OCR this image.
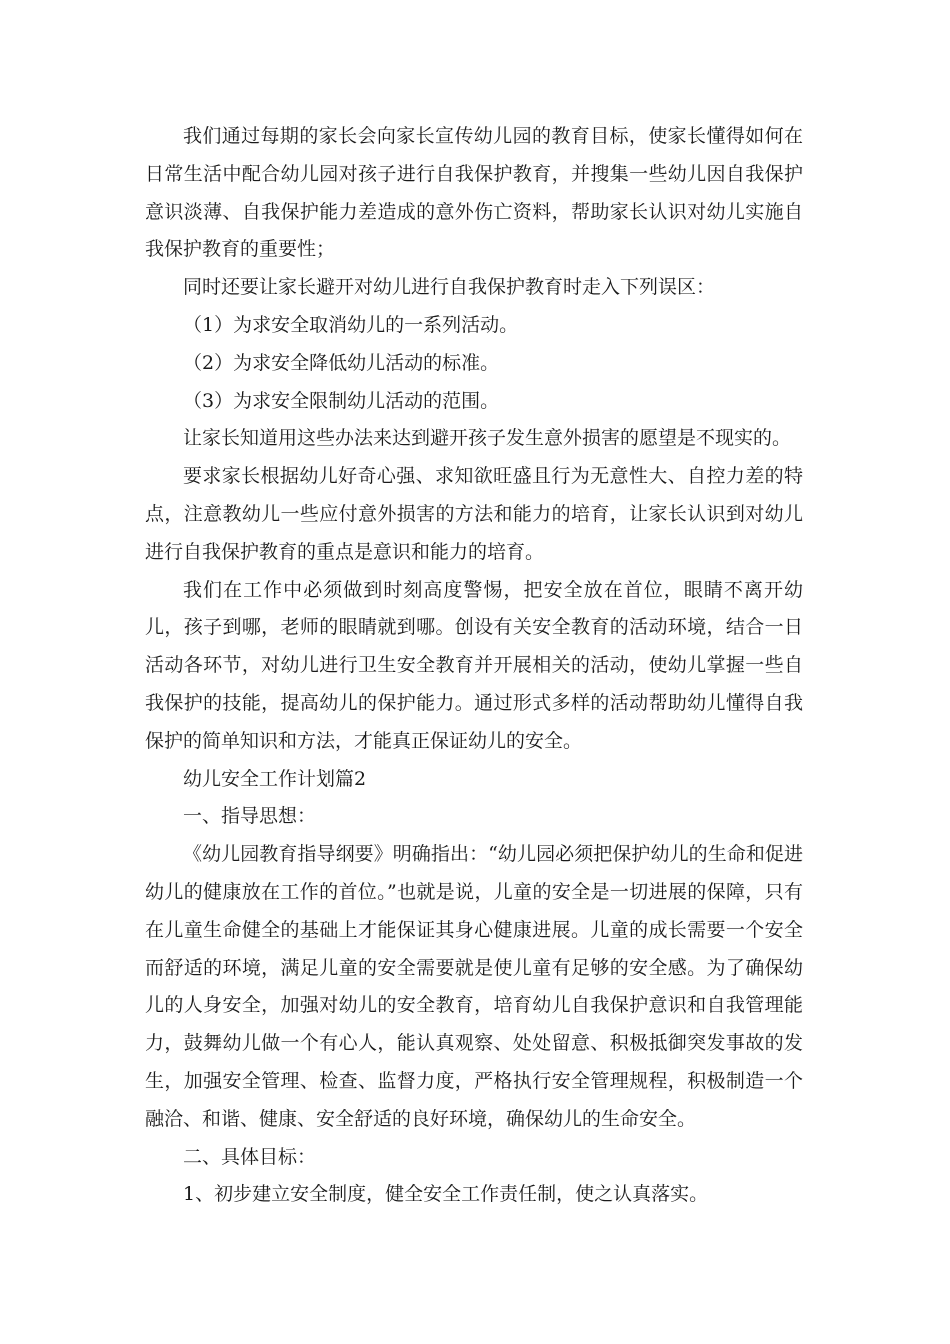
我们通过每期的家长会向家长宣传幼儿园的教育目标，使家长懂得如何在日常生活中配合幼儿园对孩子进行自我保护教育，并搜集一些幼儿因自我保护意识淡薄、自我保护能力差造成的意外伤亡资料，帮助家长认识对幼儿实施自我保护教育的重要性；

同时还要让家长避开对幼儿进行自我保护教育时走入下列误区：

（1）为求安全取消幼儿的一系列活动。

（2）为求安全降低幼儿活动的标准。

（3）为求安全限制幼儿活动的范围。

让家长知道用这些办法来达到避开孩子发生意外损害的愿望是不现实的。

要求家长根据幼儿好奇心强、求知欲旺盛且行为无意性大、自控力差的特点，注意教幼儿一些应付意外损害的方法和能力的培育，让家长认识到对幼儿进行自我保护教育的重点是意识和能力的培育。

我们在工作中必须做到时刻高度警惕，把安全放在首位，眼睛不离开幼儿，孩子到哪，老师的眼睛就到哪。创设有关安全教育的活动环境，结合一日活动各环节，对幼儿进行卫生安全教育并开展相关的活动，使幼儿掌握一些自我保护的技能，提高幼儿的保护能力。通过形式多样的活动帮助幼儿懂得自我保护的简单知识和方法，才能真正保证幼儿的安全。

幼儿安全工作计划篇2

一、指导思想：

《幼儿园教育指导纲要》明确指出：“幼儿园必须把保护幼儿的生命和促进幼儿的健康放在工作的首位。”也就是说，儿童的安全是一切进展的保障，只有在儿童生命健全的基础上才能保证其身心健康进展。儿童的成长需要一个安全而舒适的环境，满足儿童的安全需要就是使儿童有足够的安全感。为了确保幼儿的人身安全，加强对幼儿的安全教育，培育幼儿自我保护意识和自我管理能力，鼓舞幼儿做一个有心人，能认真观察、处处留意、积极抵御突发事故的发生，加强安全管理、检查、监督力度，严格执行安全管理规程，积极制造一个融洽、和谐、健康、安全舒适的良好环境，确保幼儿的生命安全。

二、具体目标：

1、初步建立安全制度，健全安全工作责任制，使之认真落实。
